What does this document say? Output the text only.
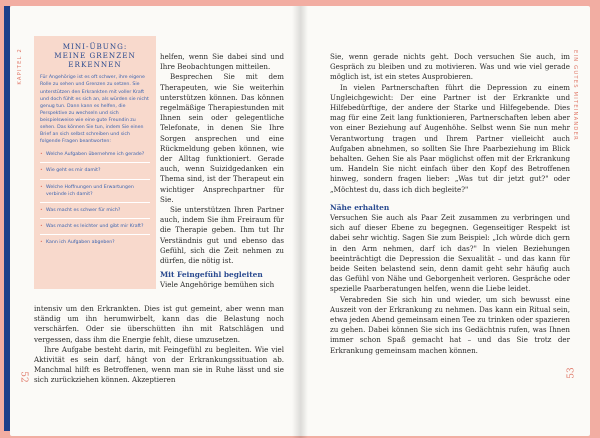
KAPITEL 2
MINI-ÜBUNG:
MEINE GRENZEN
ERKENNEN
Für Angehörige ist es oft schwer, ihre eigene Rolle zu sehen und Grenzen zu setzen. Sie unterstützen den Erkrankten mit voller Kraft und doch fühlt es sich an, als würden sie nicht genug tun. Dann kann es helfen, die Perspektive zu wechseln und sich beispielsweise wie eine gute Freundin zu sehen. Das können Sie tun, indem Sie einen Brief an sich selbst schreiben und sich folgende Fragen beantworten:
• Welche Aufgaben übernehme ich gerade?
• Wie geht es mir damit?
• Welche Hoffnungen und Erwartungen verbinde ich damit?
• Was macht es schwer für mich?
• Was macht es leichter und gibt mir Kraft?
• Kann ich Aufgaben abgeben?

helfen, wenn Sie dabei sind und Ihre Beobachtungen mitteilen.

Besprechen Sie mit dem Therapeuten, wie Sie weiterhin unterstützen können. Das können regelmäßige Therapiestunden mit Ihnen sein oder gelegentliche Telefonate, in denen Sie Ihre Sorgen ansprechen und eine Rückmeldung geben können, wie der Alltag funktioniert. Gerade auch, wenn Suizidgedanken ein Thema sind, ist der Therapeut ein wichtiger Ansprechpartner für Sie.

Sie unterstützen Ihren Partner auch, indem Sie ihm Freiraum für die Therapie geben. Ihm tut Ihr Verständnis gut und ebenso das Gefühl, sich die Zeit nehmen zu dürfen, die nötig ist.

Mit Feingefühl begleiten

Viele Angehörige bemühen sich

intensiv um den Erkrankten. Dies ist gut gemeint, aber wenn man ständig um ihn herumwirbelt, kann das die Belastung noch verschärfen. Oder sie überschütten ihn mit Ratschlägen und vergessen, dass ihm die Energie fehlt, diese umzusetzen.

Ihre Aufgabe besteht darin, mit Feingefühl zu begleiten. Wie viel Aktivität es sein darf, hängt von der Erkrankungssituation ab. Manchmal hilft es Betroffenen, wenn man sie in Ruhe lässt und sie sich zurückziehen können. Akzeptieren

52

Sie, wenn gerade nichts geht. Doch versuchen Sie auch, im Gespräch zu bleiben und zu motivieren. Was und wie viel gerade möglich ist, ist ein stetes Ausprobieren.

In vielen Partnerschaften führt die Depression zu einem Ungleichgewicht: Der eine Partner ist der Erkrankte und Hilfebedürftige, der andere der Starke und Hilfegebende. Dies mag für eine Zeit lang funktionieren, Partnerschaften leben aber von einer Beziehung auf Augenhöhe. Selbst wenn Sie nun mehr Verantwortung tragen und Ihrem Partner vielleicht auch Aufgaben abnehmen, so sollten Sie Ihre Paarbeziehung im Blick behalten. Gehen Sie als Paar möglichst offen mit der Erkrankung um. Handeln Sie nicht einfach über den Kopf des Betroffenen hinweg, sondern fragen lieber: „Was tut dir jetzt gut?" oder „Möchtest du, dass ich dich begleite?"

Nähe erhalten

Versuchen Sie auch als Paar Zeit zusammen zu verbringen und sich auf dieser Ebene zu begegnen. Gegenseitiger Respekt ist dabei sehr wichtig. Sagen Sie zum Beispiel: „Ich würde dich gern in den Arm nehmen, darf ich das?" In vielen Beziehungen beeinträchtigt die Depression die Sexualität – und das kann für beide Seiten belastend sein, denn damit geht sehr häufig auch das Gefühl von Nähe und Geborgenheit verloren. Gespräche oder spezielle Paarberatungen helfen, wenn die Liebe leidet.

Verabreden Sie sich hin und wieder, um sich bewusst eine Auszeit von der Erkrankung zu nehmen. Das kann ein Ritual sein, etwa jeden Abend gemeinsam einen Tee zu trinken oder spazieren zu gehen. Dabei können Sie sich ins Gedächtnis rufen, was Ihnen immer schon Spaß gemacht hat – und das Sie trotz der Erkrankung gemeinsam machen können.

EIN GUTES MITEINANDER
53
